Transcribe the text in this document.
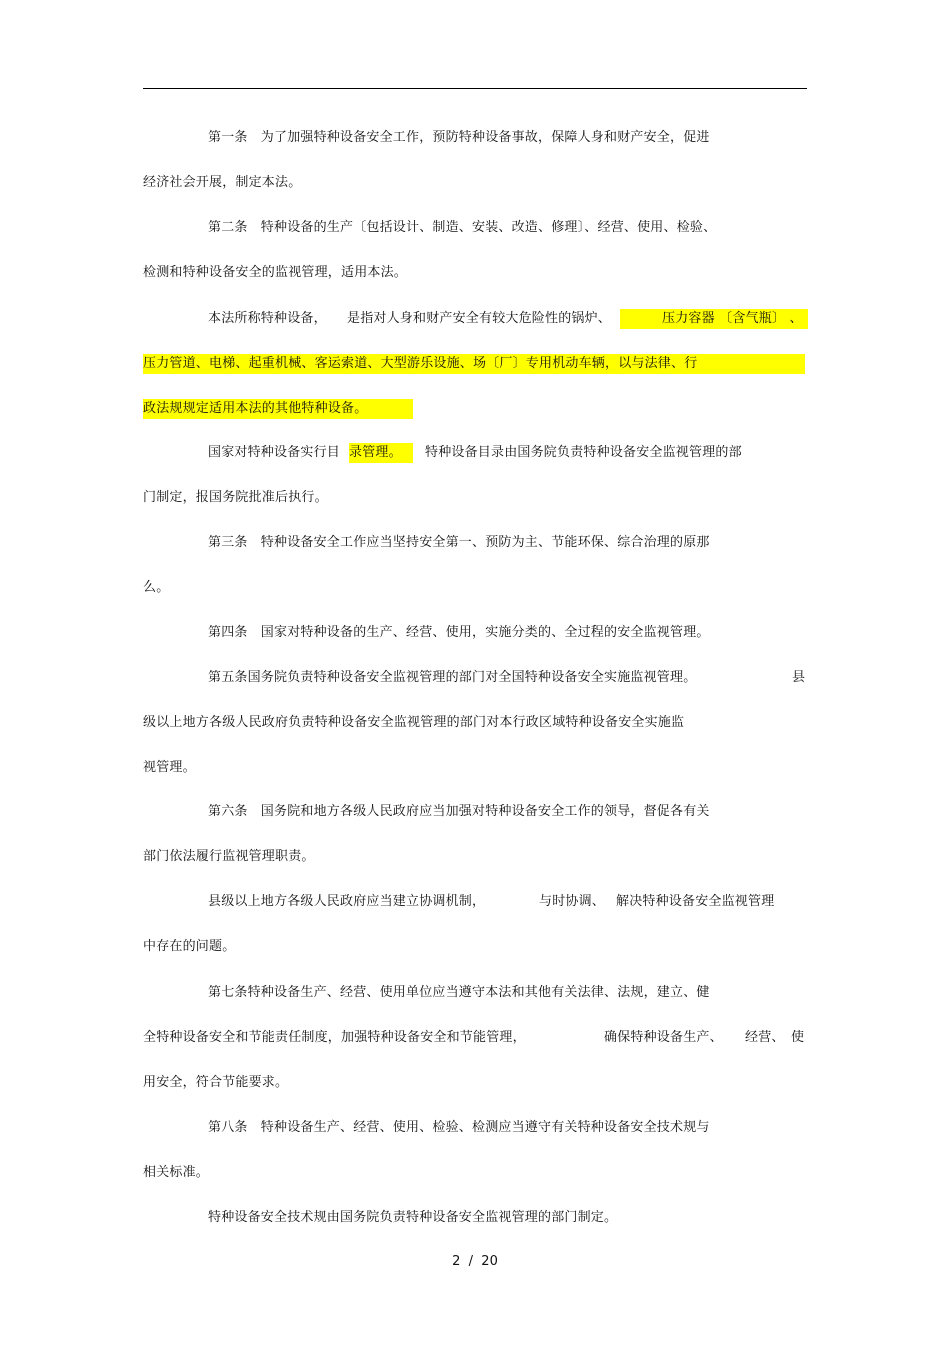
第一条　为了加强特种设备安全工作，预防特种设备事故，保障人身和财产安全，促进
经济社会开展，制定本法。
第二条　特种设备的生产〔包括设计、制造、安装、改造、修理〕、经营、使用、检验、
检测和特种设备安全的监视管理，适用本法。
本法所称特种设备， 是指对人身和财产安全有较大危险性的锅炉、	压力容器 〔含气瓶〕 、
压力管道、电梯、起重机械、客运索道、大型游乐设施、场〔厂〕专用机动车辆，以与法律、行
政法规规定适用本法的其他特种设备。
国家对特种设备实行目 录管理。	特种设备目录由国务院负责特种设备安全监视管理的部
门制定，报国务院批准后执行。
第三条　特种设备安全工作应当坚持安全第一、预防为主、节能环保、综合治理的原那
么。
第四条　国家对特种设备的生产、经营、使用，实施分类的、全过程的安全监视管理。
第五条国务院负责特种设备安全监视管理的部门对全国特种设备安全实施监视管理。	县
级以上地方各级人民政府负责特种设备安全监视管理的部门对本行政区域特种设备安全实施监
视管理。
第六条　国务院和地方各级人民政府应当加强对特种设备安全工作的领导，督促各有关
部门依法履行监视管理职责。
县级以上地方各级人民政府应当建立协调机制，	与时协调、 解决特种设备安全监视管理
中存在的问题。
第七条特种设备生产、经营、使用单位应当遵守本法和其他有关法律、法规，建立、健
全特种设备安全和节能责任制度，加强特种设备安全和节能管理，	确保特种设备生产、 经营、 使
用安全，符合节能要求。
第八条　特种设备生产、经营、使用、检验、检测应当遵守有关特种设备安全技术规与
相关标准。
特种设备安全技术规由国务院负责特种设备安全监视管理的部门制定。
2  /  20
